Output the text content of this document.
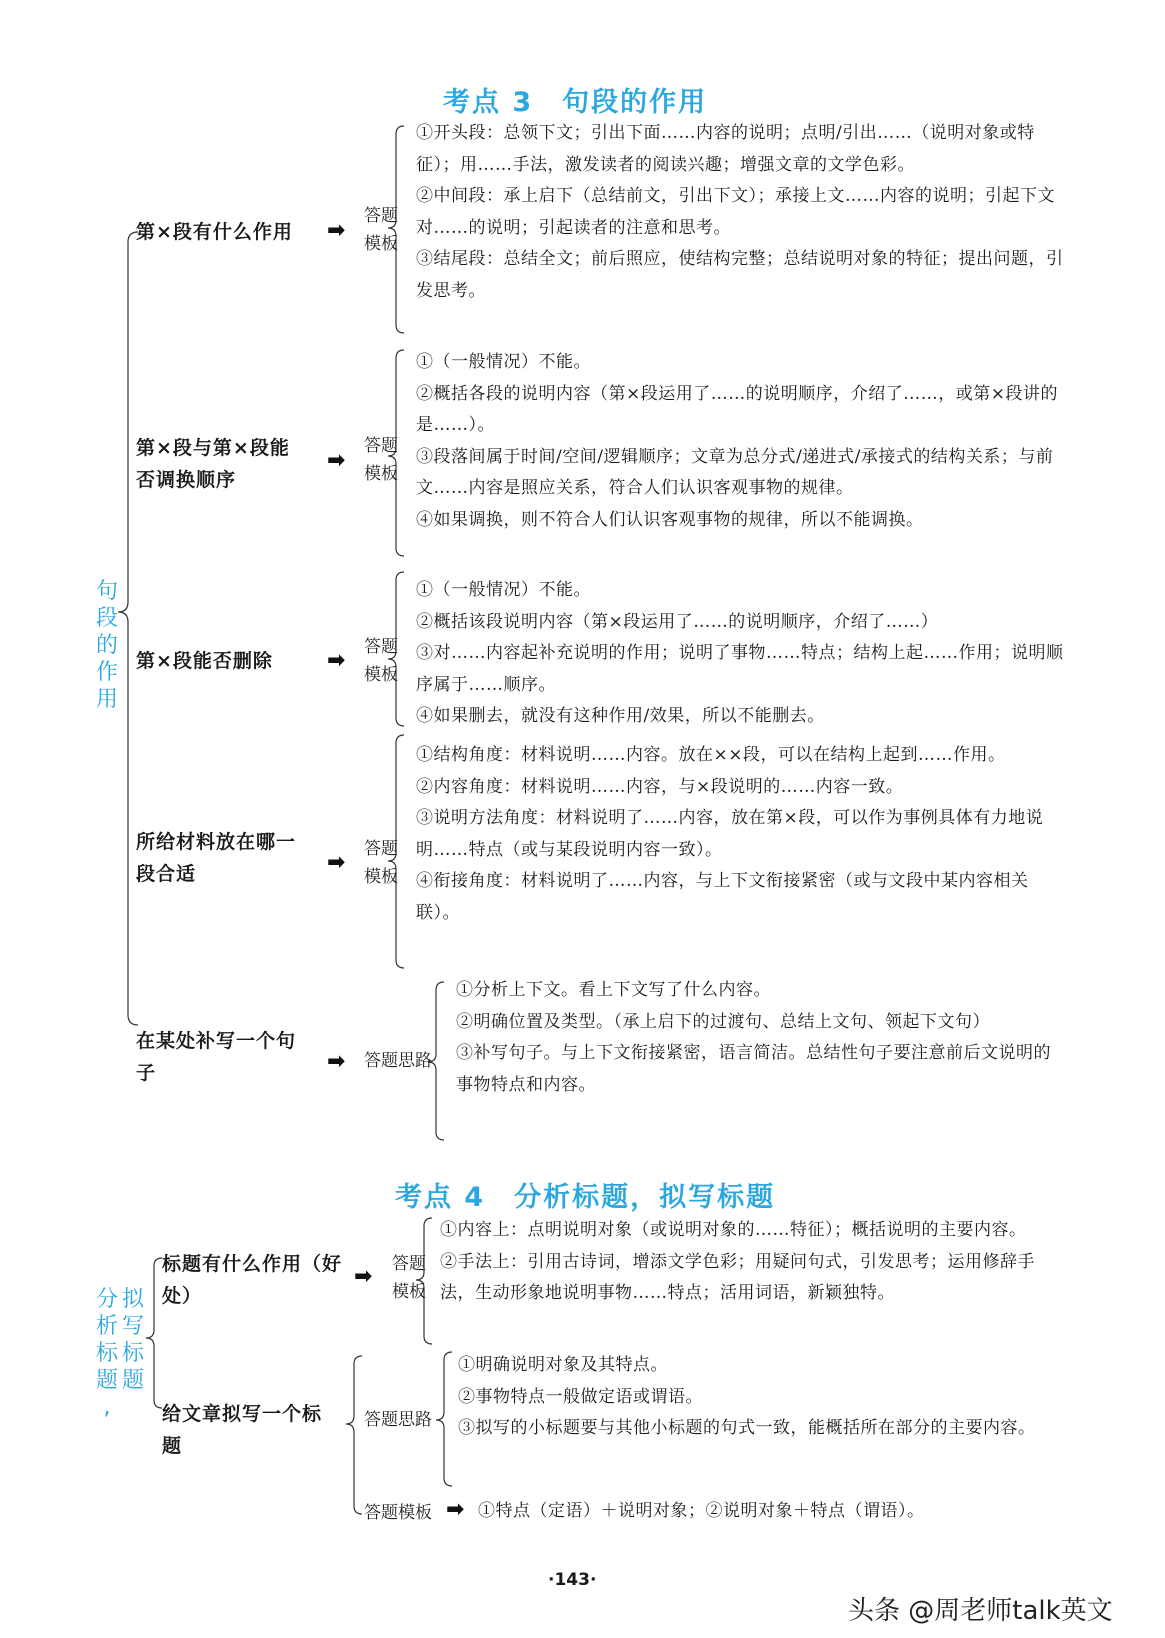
考点 3　句段的作用
句
段
的
作
用
第×段有什么作用 ➡
答题
模板

①开头段：总领下文；引出下面……内容的说明；点明/引出……（说明对象或特征）；用……手法，激发读者的阅读兴趣；增强文章的文学色彩。

②中间段：承上启下（总结前文，引出下文）；承接上文……内容的说明；引起下文对……的说明；引起读者的注意和思考。

③结尾段：总结全文；前后照应，使结构完整；总结说明对象的特征；提出问题，引发思考。

第×段与第×段能
否调换顺序
➡
答题
模板

①（一般情况）不能。

②概括各段的说明内容（第×段运用了……的说明顺序，介绍了……，或第×段讲的是……）。

③段落间属于时间/空间/逻辑顺序；文章为总分式/递进式/承接式的结构关系；与前文……内容是照应关系，符合人们认识客观事物的规律。

④如果调换，则不符合人们认识客观事物的规律，所以不能调换。

第×段能否删除 ➡
答题
模板

①（一般情况）不能。

②概括该段说明内容（第×段运用了……的说明顺序，介绍了……）

③对……内容起补充说明的作用；说明了事物……特点；结构上起……作用；说明顺序属于……顺序。

④如果删去，就没有这种作用/效果，所以不能删去。

所给材料放在哪一
段合适	➡
答题
模板

①结构角度：材料说明……内容。放在××段，可以在结构上起到……作用。

②内容角度：材料说明……内容，与×段说明的……内容一致。

③说明方法角度：材料说明了……内容，放在第×段，可以作为事例具体有力地说明……特点（或与某段说明内容一致）。

④衔接角度：材料说明了……内容，与上下文衔接紧密（或与文段中某内容相关联）。

在某处补写一个句
子	➡ 答题思路

①分析上下文。看上下文写了什么内容。

②明确位置及类型。（承上启下的过渡句、总结上文句、领起下文句）

③补写句子。与上下文衔接紧密，语言简洁。总结性句子要注意前后文说明的事物特点和内容。

考点 4　分析标题，拟写标题
分
析
标
题
,
拟
写
标
题
标题有什么作用（好
处）
➡ 答题
模板

①内容上：点明说明对象（或说明对象的……特征）；概括说明的主要内容。

②手法上：引用古诗词，增添文学色彩；用疑问句式，引发思考；运用修辞手法，生动形象地说明事物……特点；活用词语，新颖独特。

给文章拟写一个标
题
答题思路

①明确说明对象及其特点。

②事物特点一般做定语或谓语。

③拟写的小标题要与其他小标题的句式一致，能概括所在部分的主要内容。

答题模板 ➡ ①特点（定语）＋说明对象；②说明对象＋特点（谓语）。
·143·
头条 @周老师talk英文
